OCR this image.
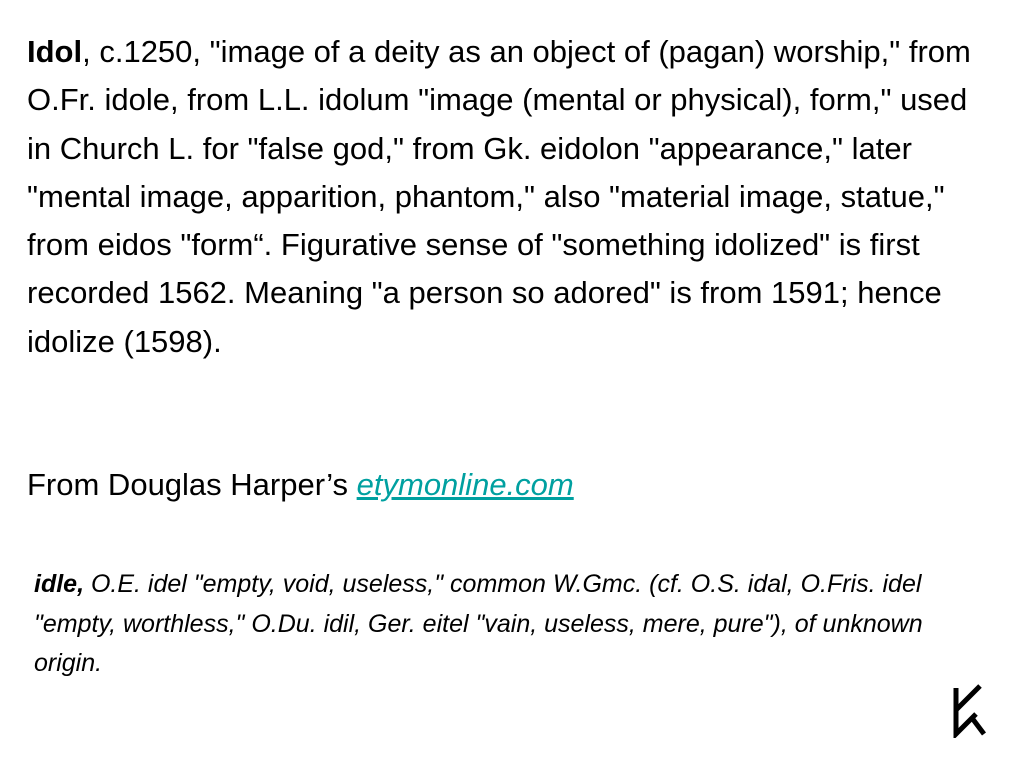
Idol, c.1250, "image of a deity as an object of (pagan) worship," from O.Fr. idole, from L.L. idolum "image (mental or physical), form," used in Church L. for "false god," from Gk. eidolon "appearance," later "mental image, apparition, phantom," also "material image, statue," from eidos "form“. Figurative sense of "something idolized" is first recorded 1562. Meaning "a person so adored" is from 1591; hence idolize (1598).

From Douglas Harper’s etymonline.com

idle, O.E. idel "empty, void, useless," common W.Gmc. (cf. O.S. idal, O.Fris. idel "empty, worthless," O.Du. idil, Ger. eitel "vain, useless, mere, pure"), of unknown origin.
